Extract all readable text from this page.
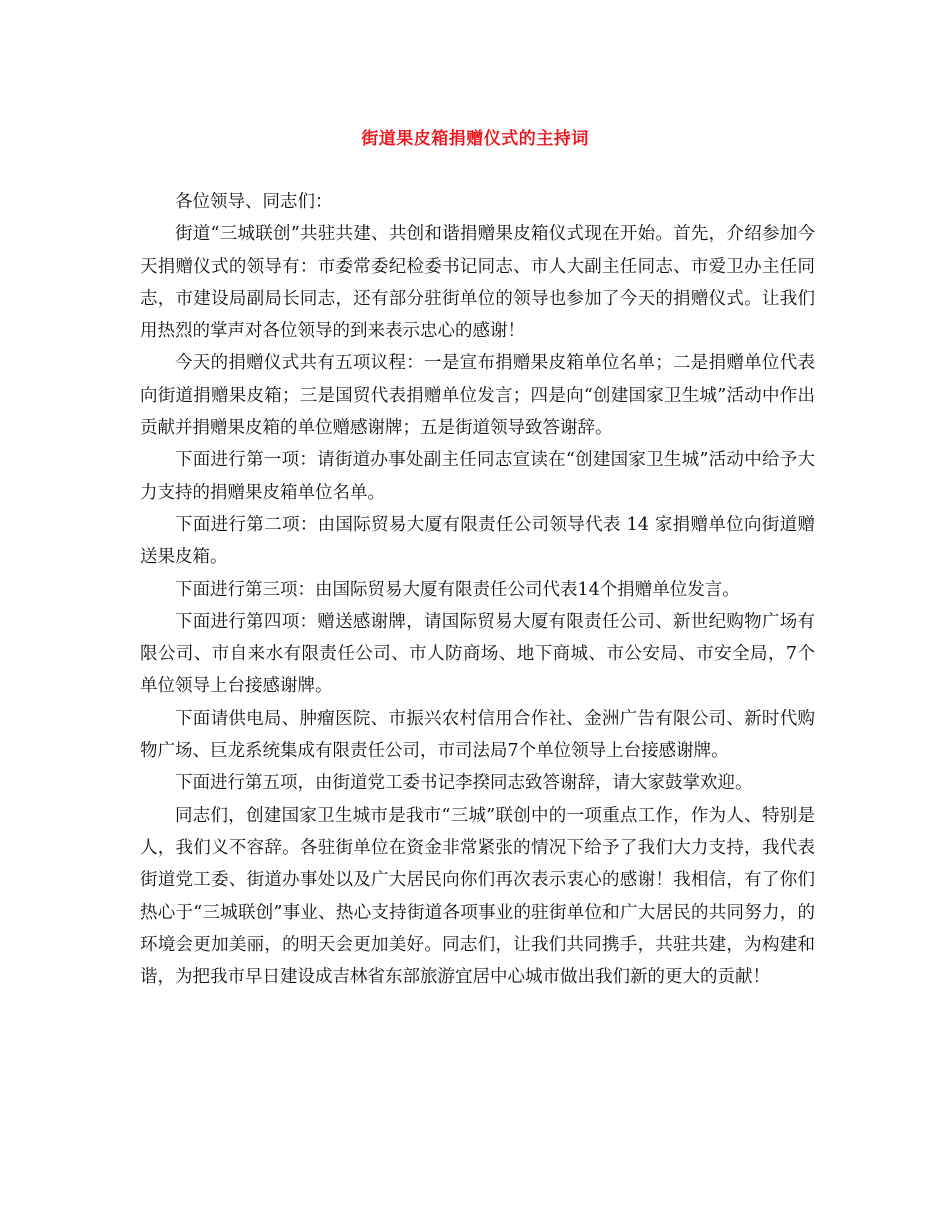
街道果皮箱捐赠仪式的主持词

各位领导、同志们：

街道“三城联创”共驻共建、共创和谐捐赠果皮箱仪式现在开始。首先，介绍参加今天捐赠仪式的领导有：市委常委纪检委书记同志、市人大副主任同志、市爱卫办主任同志，市建设局副局长同志，还有部分驻街单位的领导也参加了今天的捐赠仪式。让我们用热烈的掌声对各位领导的到来表示忠心的感谢！

今天的捐赠仪式共有五项议程：一是宣布捐赠果皮箱单位名单；二是捐赠单位代表向街道捐赠果皮箱；三是国贸代表捐赠单位发言；四是向“创建国家卫生城”活动中作出贡献并捐赠果皮箱的单位赠感谢牌；五是街道领导致答谢辞。

下面进行第一项：请街道办事处副主任同志宣读在“创建国家卫生城”活动中给予大力支持的捐赠果皮箱单位名单。

下面进行第二项：由国际贸易大厦有限责任公司领导代表 14 家捐赠单位向街道赠送果皮箱。

下面进行第三项：由国际贸易大厦有限责任公司代表14个捐赠单位发言。

下面进行第四项：赠送感谢牌，请国际贸易大厦有限责任公司、新世纪购物广场有限公司、市自来水有限责任公司、市人防商场、地下商城、市公安局、市安全局，7个单位领导上台接感谢牌。

下面请供电局、肿瘤医院、市振兴农村信用合作社、金洲广告有限公司、新时代购物广场、巨龙系统集成有限责任公司，市司法局7个单位领导上台接感谢牌。

下面进行第五项，由街道党工委书记李揆同志致答谢辞，请大家鼓掌欢迎。

同志们，创建国家卫生城市是我市“三城”联创中的一项重点工作，作为人、特别是人，我们义不容辞。各驻街单位在资金非常紧张的情况下给予了我们大力支持，我代表街道党工委、街道办事处以及广大居民向你们再次表示衷心的感谢！我相信，有了你们热心于“三城联创”事业、热心支持街道各项事业的驻街单位和广大居民的共同努力，的环境会更加美丽，的明天会更加美好。同志们，让我们共同携手，共驻共建，为构建和谐，为把我市早日建设成吉林省东部旅游宜居中心城市做出我们新的更大的贡献！
